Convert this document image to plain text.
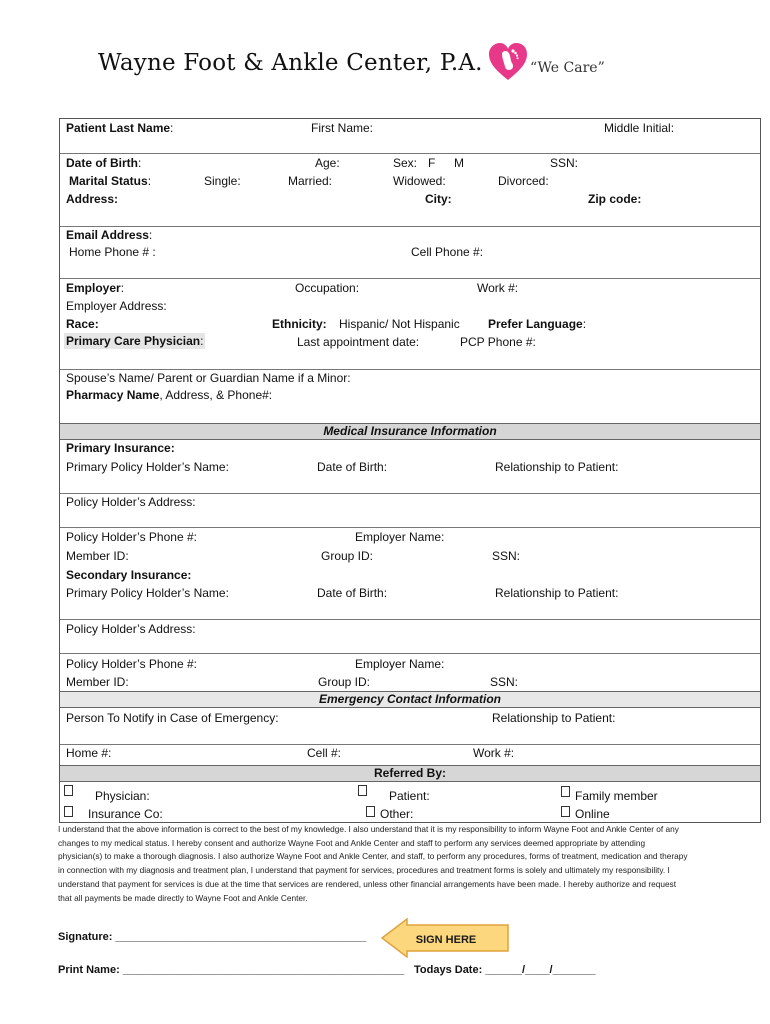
Wayne Foot & Ankle Center, P.A.	“We Care”
Medical Insurance Information
Emergency Contact Information
Referred By:
Patient Last Name:	First Name:	Middle Initial:
Date of Birth:	Age:	Sex: F M	SSN:
Marital Status:	Single:	Married:	Widowed:	Divorced:
Address:	City:	Zip code:
Email Address:
Home Phone # :	Cell Phone #:
Employer:	Occupation:	Work #:
Employer Address:
Race:	Ethnicity: Hispanic/ Not Hispanic Prefer Language:
Primary Care Physician:	Last appointment date:	PCP Phone #:
Spouse’s Name/ Parent or Guardian Name if a Minor:
Pharmacy Name, Address, & Phone#:
Primary Insurance:
Primary Policy Holder’s Name:	Date of Birth:	Relationship to Patient:
Policy Holder’s Address:
Policy Holder’s Phone #:	Employer Name:
Member ID:	Group ID:	SSN:
Secondary Insurance:
Primary Policy Holder’s Name:	Date of Birth:	Relationship to Patient:
Policy Holder’s Address:
Policy Holder’s Phone #:	Employer Name:
Member ID:	Group ID:	SSN:
Person To Notify in Case of Emergency:	Relationship to Patient:
Home #:	Cell #:	Work #:
Physician:	Patient:	Family member
Insurance Co:	Other:	Online
I understand that the above information is correct to the best of my knowledge. I also understand that it is my responsibility to inform Wayne Foot and Ankle Center of any changes to my medical status. I hereby consent and authorize Wayne Foot and Ankle Center and staff to perform any services deemed appropriate by attending physician(s) to make a thorough diagnosis. I also authorize Wayne Foot and Ankle Center, and staff, to perform any procedures, forms of treatment, medication and therapy in connection with my diagnosis and treatment plan, I understand that payment for services, procedures and treatment forms is solely and ultimately my responsibility. I understand that payment for services is due at the time that services are rendered, unless other financial arrangements have been made. I hereby authorize and request that all payments be made directly to Wayne Foot and Ankle Center.
Signature: _________________________________________	SIGN HERE
Print Name: ______________________________________________ Todays Date: ______/____/_______
